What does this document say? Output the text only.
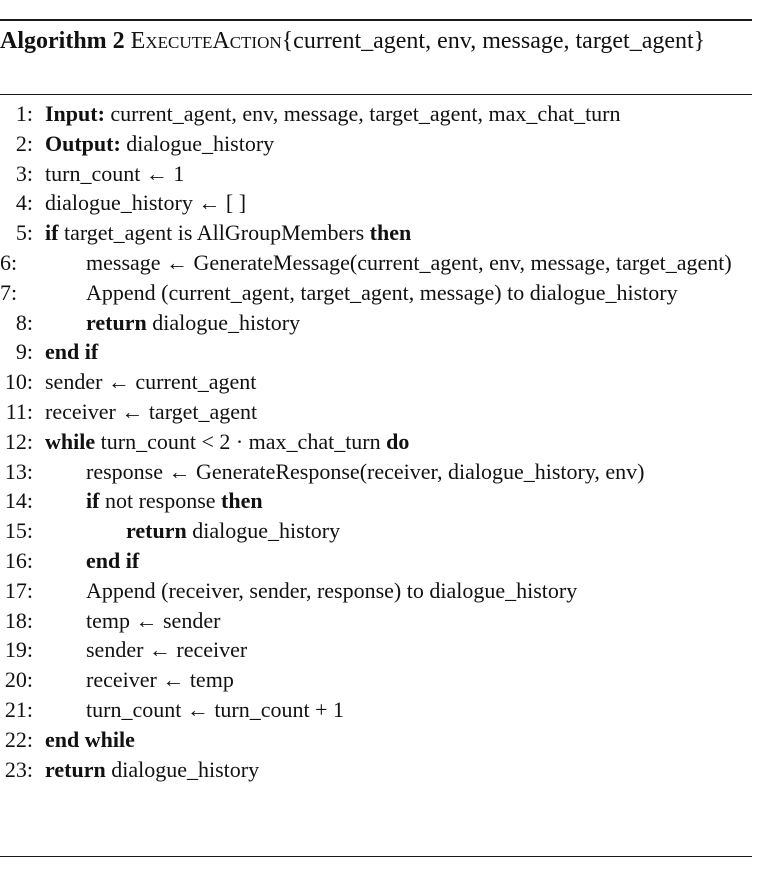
Algorithm 2 ExecuteAction{current_agent, env, message, target_agent}
1: Input: current_agent, env, message, target_agent, max_chat_turn
2: Output: dialogue_history
3: turn_count ← 1
4: dialogue_history ← [ ]
5: if target_agent is AllGroupMembers then
6:	message ← GenerateMessage(current_agent, env, message, target_agent)
7:	Append (current_agent, target_agent, message) to dialogue_history
8:	return dialogue_history
9: end if
10: sender ← current_agent
11: receiver ← target_agent
12: while turn_count < 2 · max_chat_turn do
13:	response ← GenerateResponse(receiver, dialogue_history, env)
14:	if not response then
15:	return dialogue_history
16:	end if
17:	Append (receiver, sender, response) to dialogue_history
18:	temp ← sender
19:	sender ← receiver
20:	receiver ← temp
21:	turn_count ← turn_count + 1
22: end while
23: return dialogue_history
